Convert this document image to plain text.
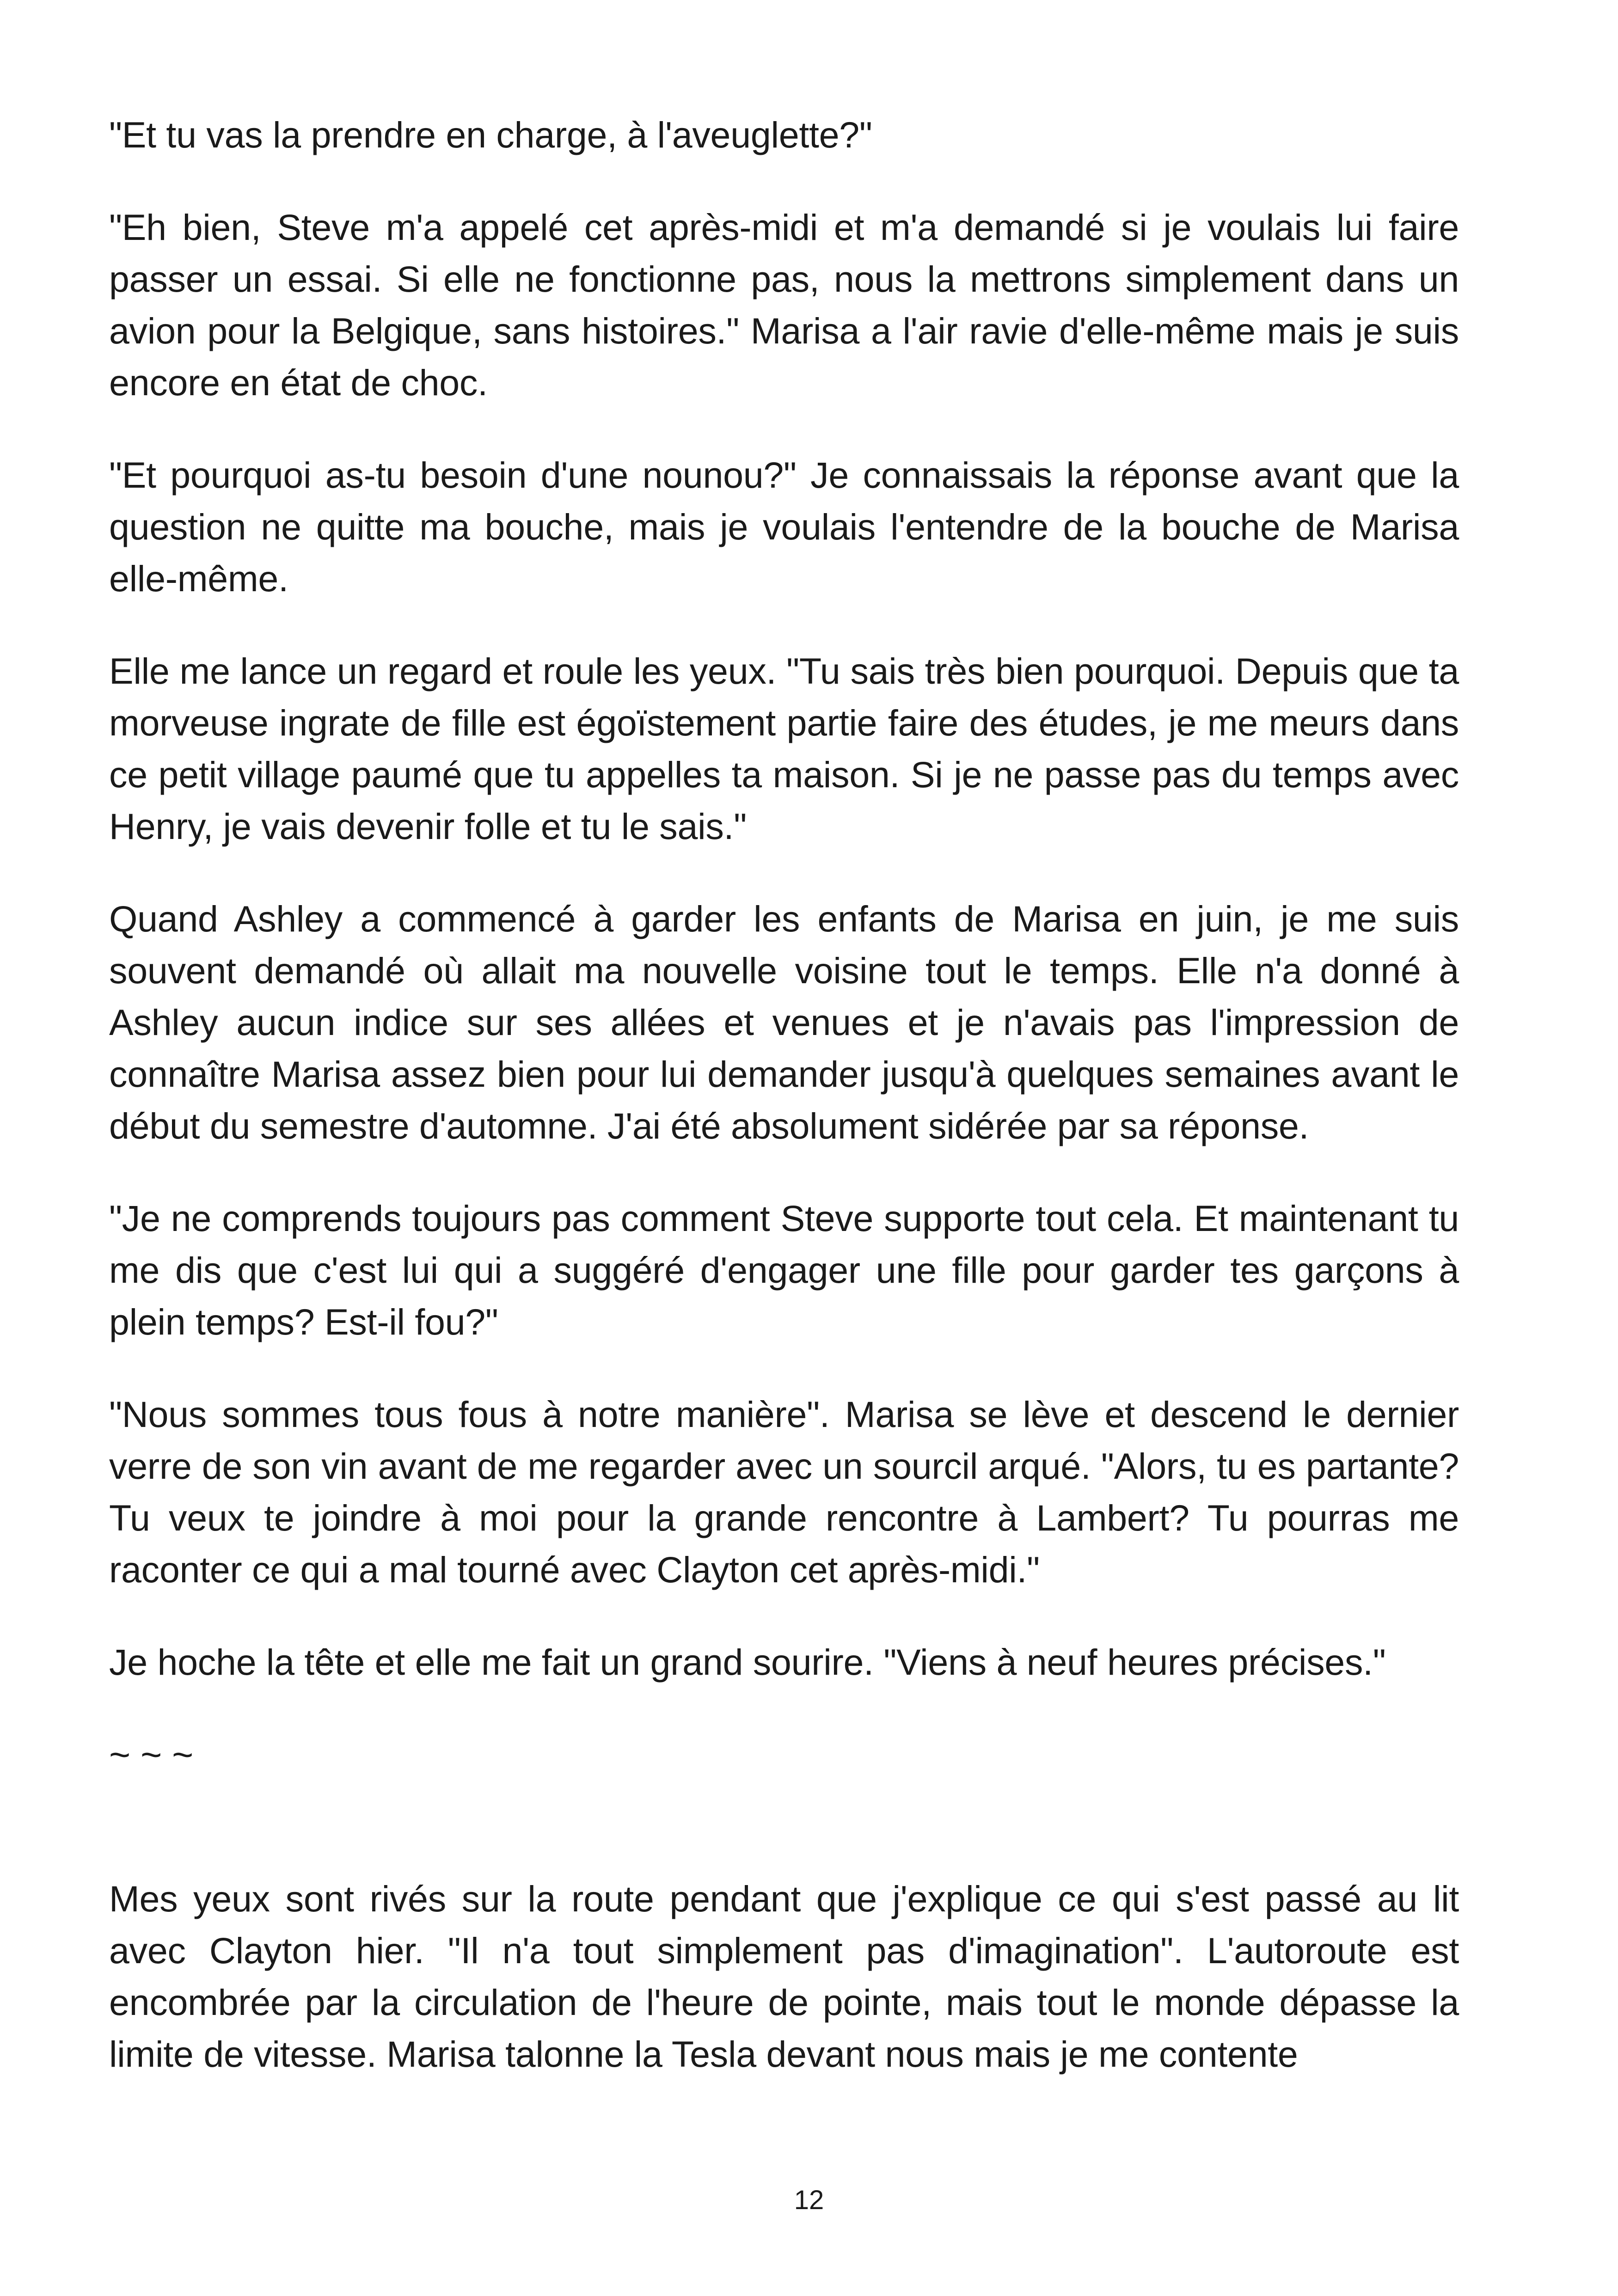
"Et tu vas la prendre en charge, à l'aveuglette?"

"Eh bien, Steve m'a appelé cet après-midi et m'a demandé si je voulais lui faire passer un essai. Si elle ne fonctionne pas, nous la mettrons simplement dans un avion pour la Belgique, sans histoires." Marisa a l'air ravie d'elle-même mais je suis encore en état de choc.

"Et pourquoi as-tu besoin d'une nounou?" Je connaissais la réponse avant que la question ne quitte ma bouche, mais je voulais l'entendre de la bouche de Marisa elle-même.

Elle me lance un regard et roule les yeux. "Tu sais très bien pourquoi. Depuis que ta morveuse ingrate de fille est égoïstement partie faire des études, je me meurs dans ce petit village paumé que tu appelles ta maison. Si je ne passe pas du temps avec Henry, je vais devenir folle et tu le sais."

Quand Ashley a commencé à garder les enfants de Marisa en juin, je me suis souvent demandé où allait ma nouvelle voisine tout le temps. Elle n'a donné à Ashley aucun indice sur ses allées et venues et je n'avais pas l'impression de connaître Marisa assez bien pour lui demander jusqu'à quelques semaines avant le début du semestre d'automne. J'ai été absolument sidérée par sa réponse.

"Je ne comprends toujours pas comment Steve supporte tout cela. Et maintenant tu me dis que c'est lui qui a suggéré d'engager une fille pour garder tes garçons à plein temps? Est-il fou?"

"Nous sommes tous fous à notre manière". Marisa se lève et descend le dernier verre de son vin avant de me regarder avec un sourcil arqué. "Alors, tu es partante? Tu veux te joindre à moi pour la grande rencontre à Lambert? Tu pourras me raconter ce qui a mal tourné avec Clayton cet après-midi."

Je hoche la tête et elle me fait un grand sourire. "Viens à neuf heures précises."

~ ~ ~

Mes yeux sont rivés sur la route pendant que j'explique ce qui s'est passé au lit avec Clayton hier. "Il n'a tout simplement pas d'imagination". L'autoroute est encombrée par la circulation de l'heure de pointe, mais tout le monde dépasse la limite de vitesse. Marisa talonne la Tesla devant nous mais je me contente

12
